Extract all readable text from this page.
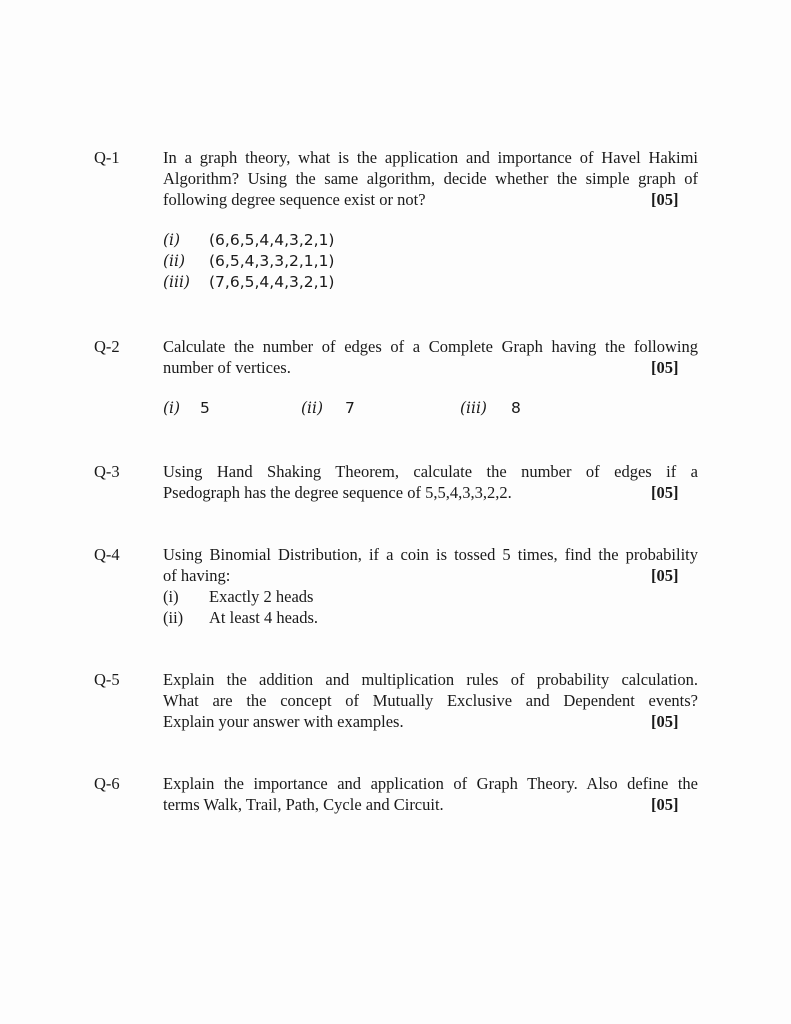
Q-1	In a graph theory, what is the application and importance of Havel Hakimi
Algorithm? Using the same algorithm, decide whether the simple graph of
following degree sequence exist or not?	[05]
(i) (6,6,5,4,4,3,2,1)
(ii) (6,5,4,3,3,2,1,1)
(iii) (7,6,5,4,4,3,2,1)
Q-2	Calculate the number of edges of a Complete Graph having the following
number of vertices.	[05]
(i) 5	(ii) 7	(iii) 8
Q-3	Using Hand Shaking Theorem, calculate the number of edges if a
Psedograph has the degree sequence of 5,5,4,3,3,2,2.	[05]
Q-4	Using Binomial Distribution, if a coin is tossed 5 times, find the probability
of having:	[05]
(i) Exactly 2 heads
(ii) At least 4 heads.
Q-5	Explain the addition and multiplication rules of probability calculation.
What are the concept of Mutually Exclusive and Dependent events?
Explain your answer with examples.	[05]
Q-6	Explain the importance and application of Graph Theory. Also define the
terms Walk, Trail, Path, Cycle and Circuit.	[05]
